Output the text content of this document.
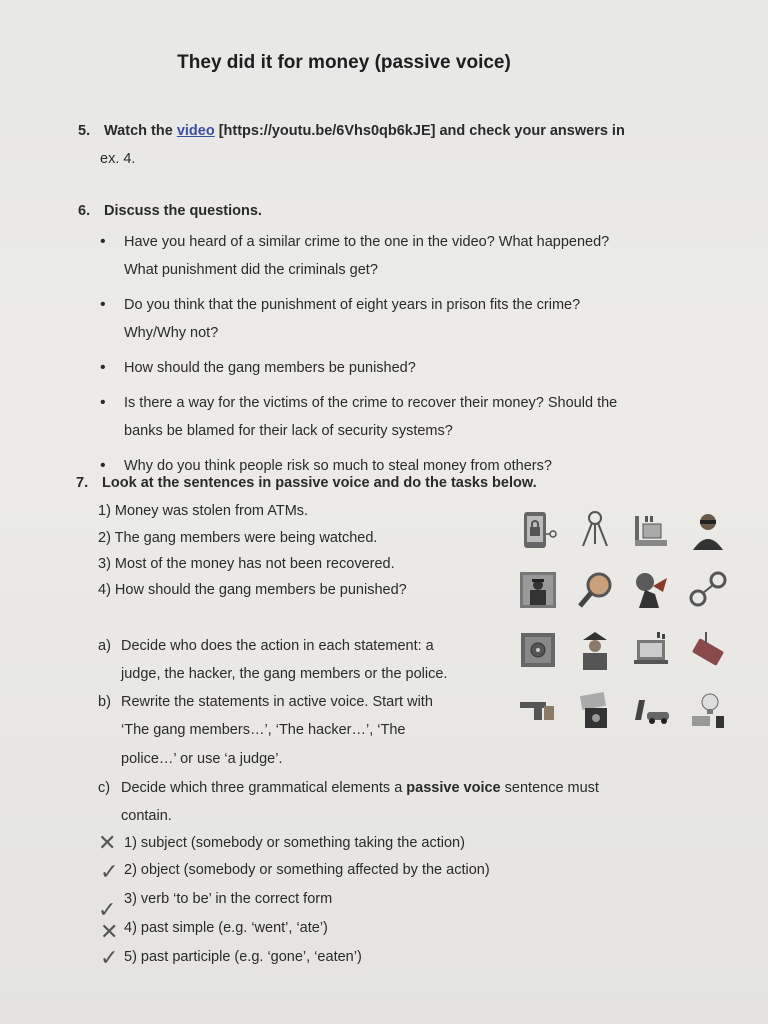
They did it for money (passive voice)
5. Watch the video [https://youtu.be/6Vhs0qb6kJE] and check your answers in
ex. 4.
6. Discuss the questions.
• Have you heard of a similar crime to the one in the video? What happened?
What punishment did the criminals get?
• Do you think that the punishment of eight years in prison fits the crime?
Why/Why not?
• How should the gang members be punished?
• Is there a way for the victims of the crime to recover their money? Should the
banks be blamed for their lack of security systems?
• Why do you think people risk so much to steal money from others?
7. Look at the sentences in passive voice and do the tasks below.
1) Money was stolen from ATMs.
2) The gang members were being watched.
3) Most of the money has not been recovered.
4) How should the gang members be punished?
a) Decide who does the action in each statement: a
judge, the hacker, the gang members or the police.
b) Rewrite the statements in active voice. Start with
‘The gang members…’, ‘The hacker…’, ‘The
police…’ or use ‘a judge’.
c) Decide which three grammatical elements a passive voice sentence must
contain.
1) subject (somebody or something taking the action)
2) object (somebody or something affected by the action)
3) verb ‘to be’ in the correct form
4) past simple (e.g. ‘went’, ‘ate’)
5) past participle (e.g. ‘gone’, ‘eaten’)
✕
✓
✓
✕
✓
